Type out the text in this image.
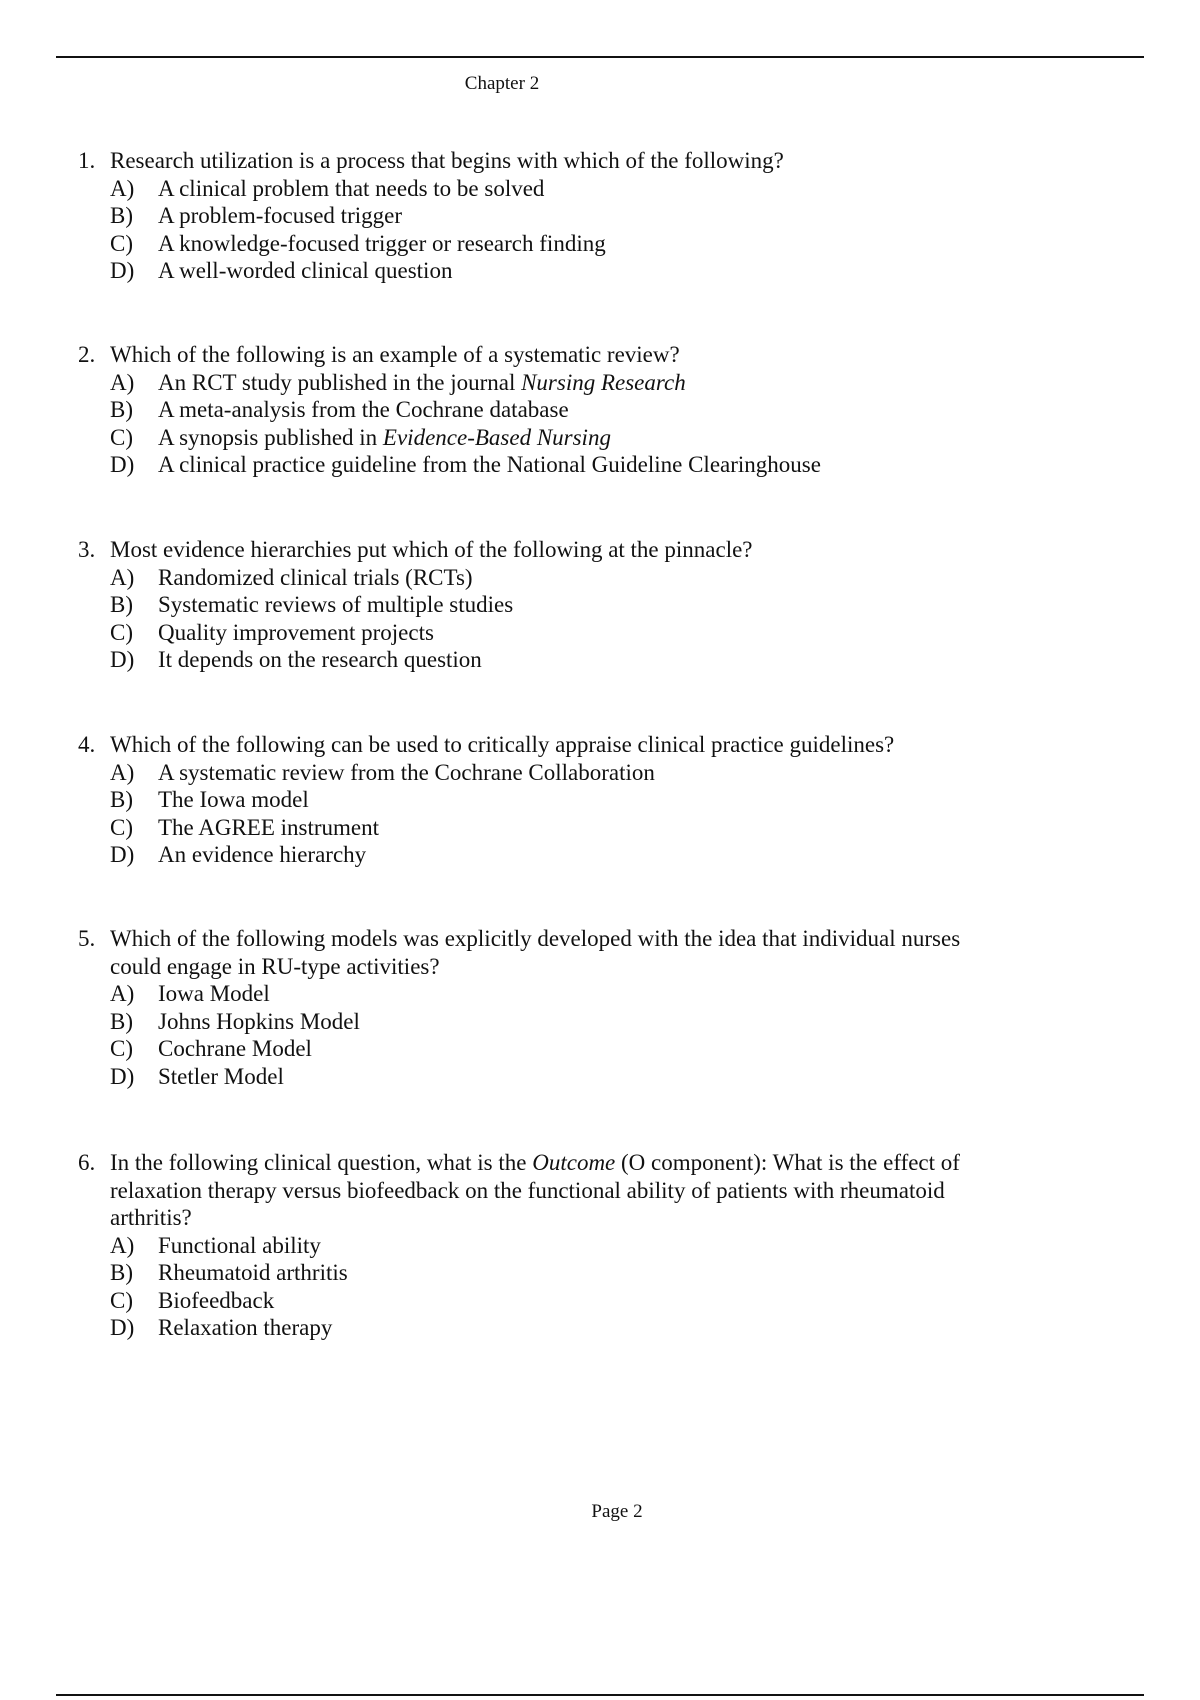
Chapter 2
1. Research utilization is a process that begins with which of the following?
A)	A clinical problem that needs to be solved
B)	A problem-focused trigger
C)	A knowledge-focused trigger or research finding
D)	A well-worded clinical question
2. Which of the following is an example of a systematic review?
A)	An RCT study published in the journal Nursing Research
B)	A meta-analysis from the Cochrane database
C)	A synopsis published in Evidence-Based Nursing
D)	A clinical practice guideline from the National Guideline Clearinghouse
3. Most evidence hierarchies put which of the following at the pinnacle?
A)	Randomized clinical trials (RCTs)
B)	Systematic reviews of multiple studies
C)	Quality improvement projects
D)	It depends on the research question
4. Which of the following can be used to critically appraise clinical practice guidelines?
A)	A systematic review from the Cochrane Collaboration
B)	The Iowa model
C)	The AGREE instrument
D)	An evidence hierarchy
5. Which of the following models was explicitly developed with the idea that individual nurses could engage in RU-type activities?
A)	Iowa Model
B)	Johns Hopkins Model
C)	Cochrane Model
D)	Stetler Model
6. In the following clinical question, what is the Outcome (O component): What is the effect of relaxation therapy versus biofeedback on the functional ability of patients with rheumatoid arthritis?
A)	Functional ability
B)	Rheumatoid arthritis
C)	Biofeedback
D)	Relaxation therapy
Page 2
